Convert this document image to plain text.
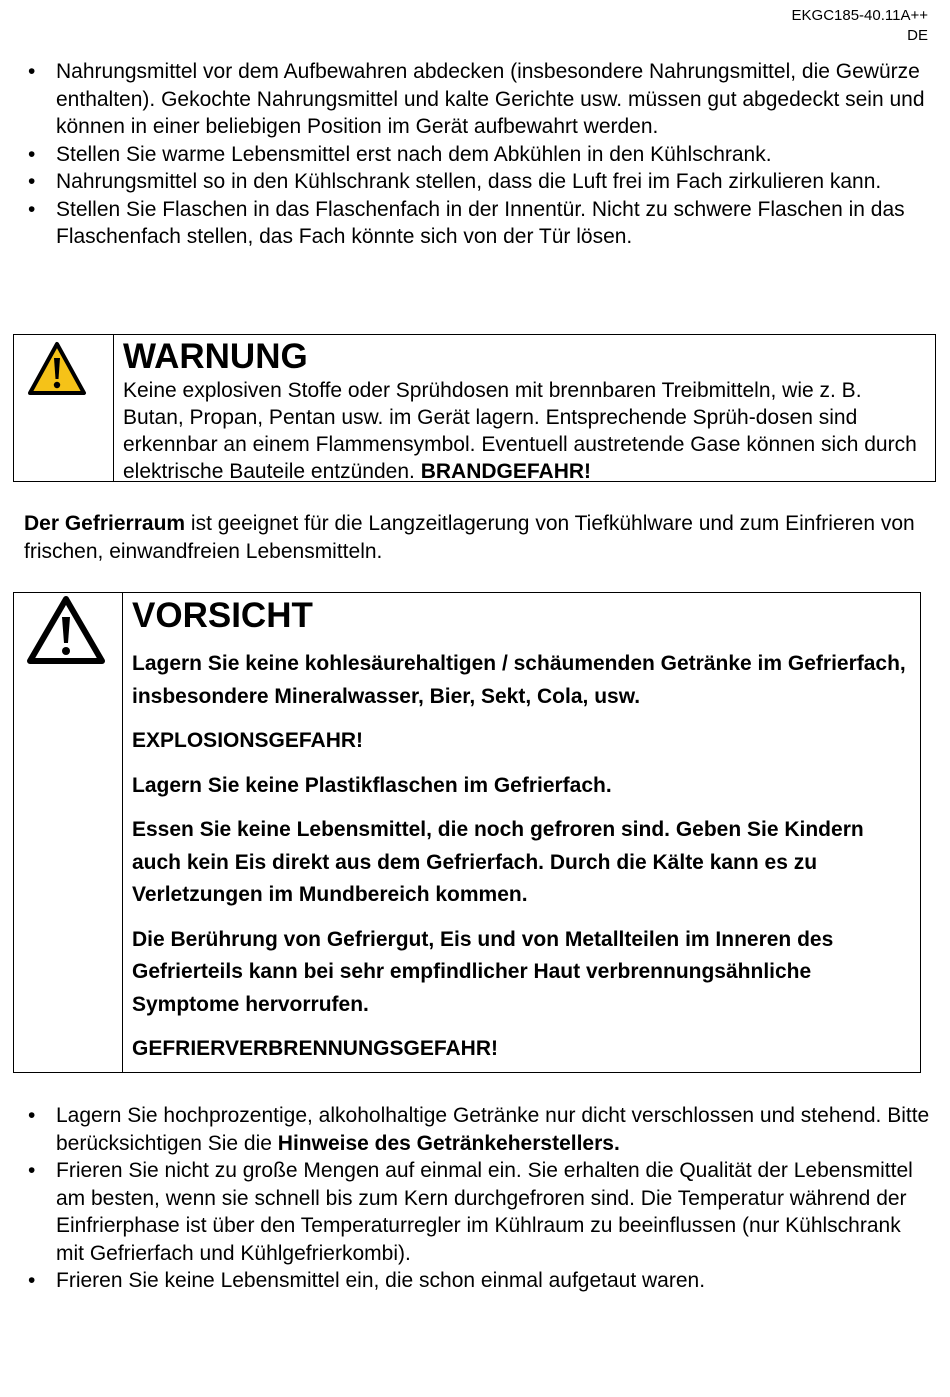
EKGC185-40.11A++
DE
• Nahrungsmittel vor dem Aufbewahren abdecken (insbesondere Nahrungsmittel, die Gewürze enthalten). Gekochte Nahrungsmittel und kalte Gerichte usw. müssen gut abgedeckt sein und können in einer beliebigen Position im Gerät aufbewahrt werden.
• Stellen Sie warme Lebensmittel erst nach dem Abkühlen in den Kühlschrank.
• Nahrungsmittel so in den Kühlschrank stellen, dass die Luft frei im Fach zirkulieren kann.
• Stellen Sie Flaschen in das Flaschenfach in der Innentür. Nicht zu schwere Flaschen in das Flaschenfach stellen, das Fach könnte sich von der Tür lösen.
WARNUNG
Keine explosiven Stoffe oder Sprühdosen mit brennbaren Treibmitteln, wie z. B. Butan, Propan, Pentan usw. im Gerät lagern. Entsprechende Sprüh-dosen sind erkennbar an einem Flammensymbol. Eventuell austretende Gase können sich durch elektrische Bauteile entzünden. BRANDGEFAHR!
Der Gefrierraum ist geeignet für die Langzeitlagerung von Tiefkühlware und zum Einfrieren von frischen, einwandfreien Lebensmitteln.
VORSICHT

Lagern Sie keine kohlesäurehaltigen / schäumenden Getränke im Gefrierfach, insbesondere Mineralwasser, Bier, Sekt, Cola, usw.

EXPLOSIONSGEFAHR!

Lagern Sie keine Plastikflaschen im Gefrierfach.

Essen Sie keine Lebensmittel, die noch gefroren sind. Geben Sie Kindern auch kein Eis direkt aus dem Gefrierfach. Durch die Kälte kann es zu Verletzungen im Mundbereich kommen.

Die Berührung von Gefriergut, Eis und von Metallteilen im Inneren des Gefrierteils kann bei sehr empfindlicher Haut verbrennungsähnliche Symptome hervorrufen.

GEFRIERVERBRENNUNGSGEFAHR!

• Lagern Sie hochprozentige, alkoholhaltige Getränke nur dicht verschlossen und stehend. Bitte berücksichtigen Sie die Hinweise des Getränkeherstellers.
• Frieren Sie nicht zu große Mengen auf einmal ein. Sie erhalten die Qualität der Lebensmittel am besten, wenn sie schnell bis zum Kern durchgefroren sind. Die Temperatur während der Einfrierphase ist über den Temperaturregler im Kühlraum zu beeinflussen (nur Kühlschrank mit Gefrierfach und Kühlgefrierkombi).
• Frieren Sie keine Lebensmittel ein, die schon einmal aufgetaut waren.
